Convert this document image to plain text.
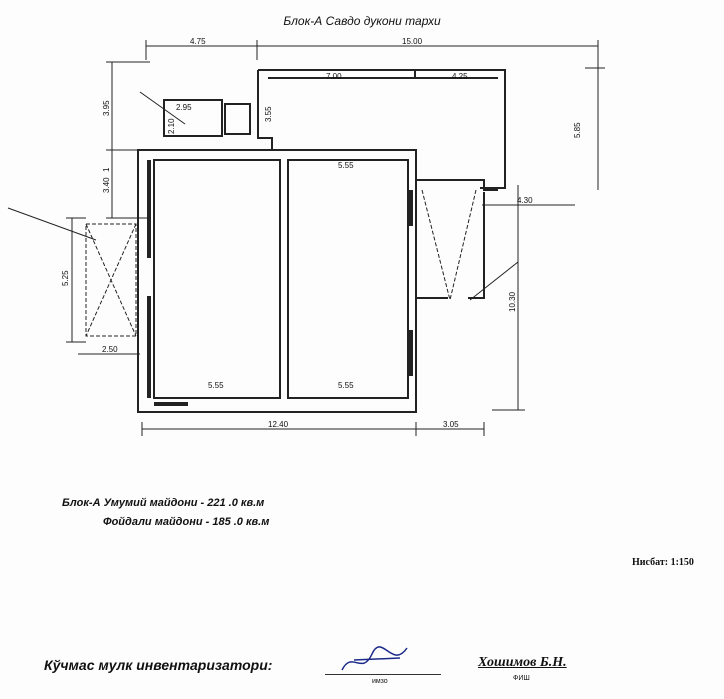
Блок-А Савдо дукони тархи
4.75	15.00
7.00	4.25
5.85
3.95	2.95
2.10
3.55
1
3.40
5.55
4.30
5.25
2.50
10.30
5.55	5.55
12.40	3.05
Блок-А Умумий майдони - 221 .0 кв.м
Фойдали майдони - 185 .0 кв.м
Нисбат: 1:150
Кўчмас мулк инвентаризатори:
имзо
Хошимов Б.Н.
ФИШ
